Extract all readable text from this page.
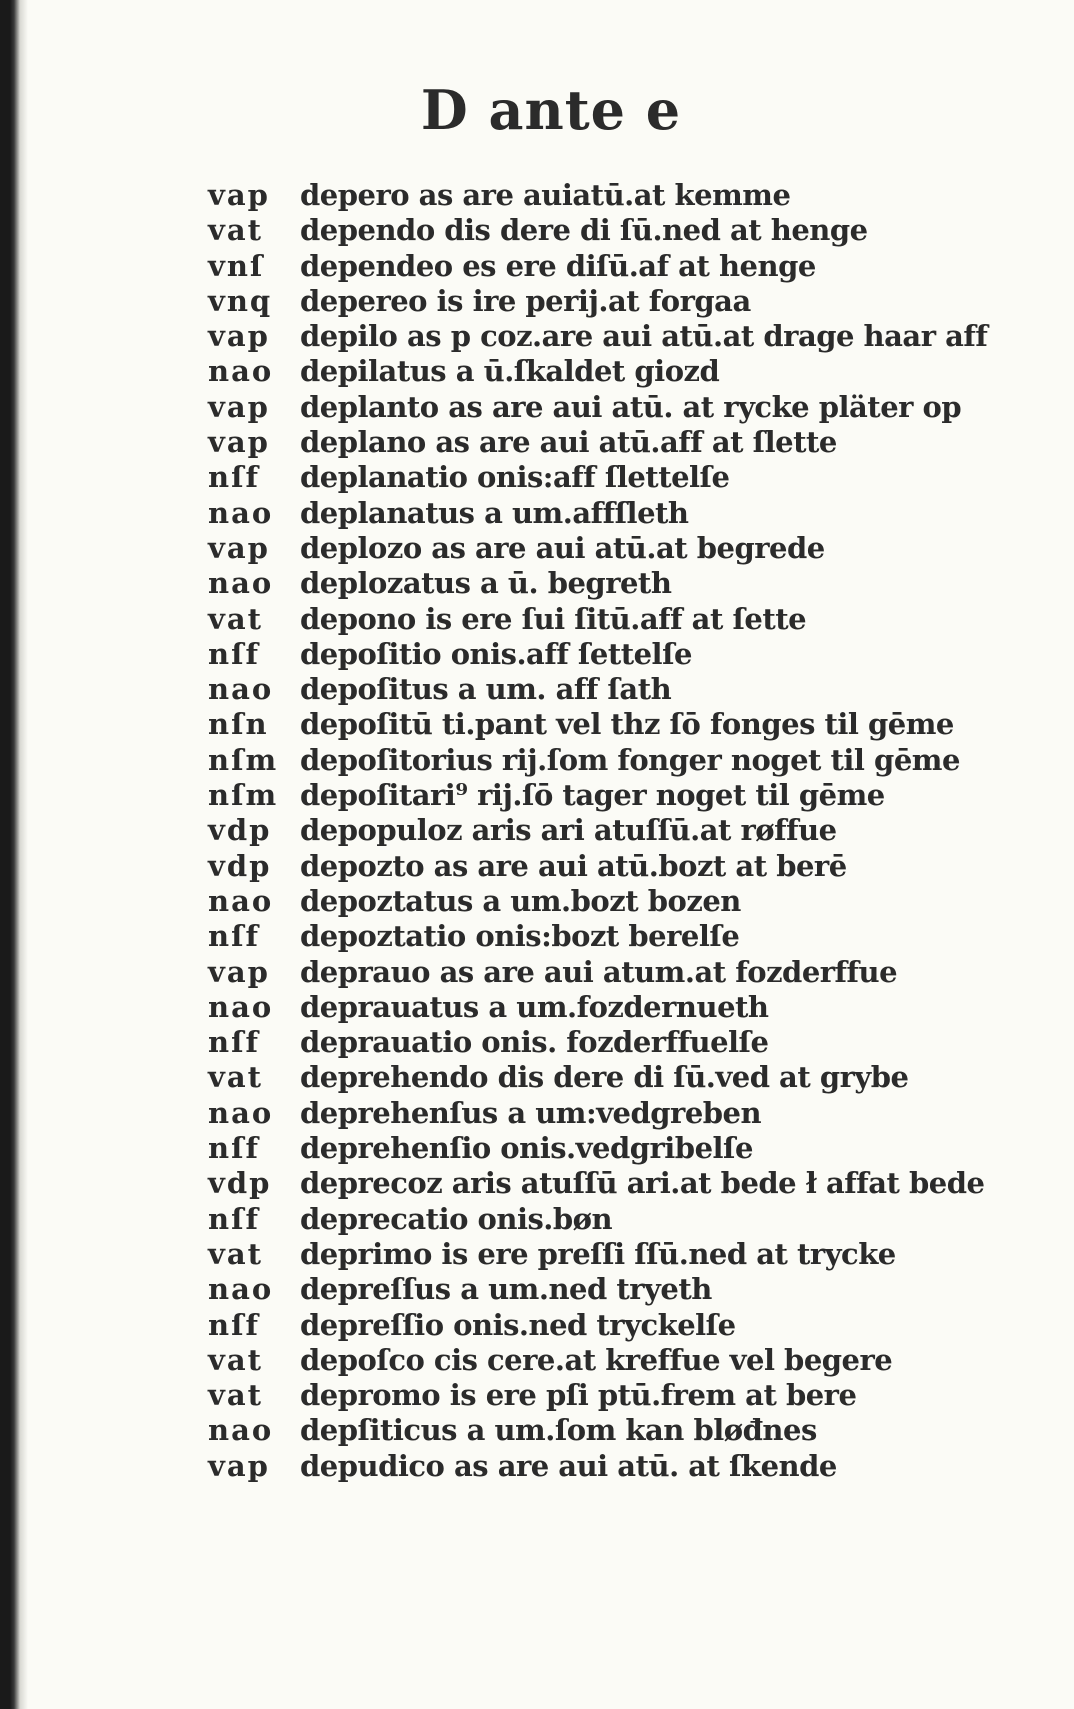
D ante e
vap depero as are auiatū.at kemme
vat dependo dis dere di ſū.ned at henge
vnſ dependeo es ere diſū.af at henge
vnq depereo is ire perij.at forgaa
vap depilo as p coz.are aui atū.at drage haar aff
nao depilatus a ū.ſkaldet giozd
vap deplanto as are aui atū. at rycke pläter op
vap deplano as are aui atū.aff at ſlette
nſf deplanatio onis:aff ſlettelſe
nao deplanatus a um.affſleth
vap deplozo as are aui atū.at begrede
nao deplozatus a ū. begreth
vat depono is ere ſui ſitū.aff at ſette
nſf depoſitio onis.aff ſettelſe
nao depoſitus a um. aff ſath
nſn depoſitū ti.pant vel thz ſō fonges til gēme
nſm depoſitorius rij.ſom fonger noget til gēme
nſm depoſitari⁹ rij.ſō tager noget til gēme
vdp depopuloz aris ari atuſſū.at røffue
vdp depozto as are aui atū.bozt at berē
nao depoztatus a um.bozt bozen
nſf depoztatio onis:bozt berelſe
vap deprauo as are aui atum.at fozderffue
nao deprauatus a um.fozdernueth
nſf deprauatio onis. fozderffuelſe
vat deprehendo dis dere di ſū.ved at grybe
nao deprehenſus a um:vedgreben
nſf deprehenſio onis.vedgribelſe
vdp deprecoz aris atuſſū ari.at bede ł affat bede
nſf deprecatio onis.bøn
vat deprimo is ere preſſi ſſū.ned at trycke
nao depreſſus a um.ned tryeth
nſf depreſſio onis.ned tryckelſe
vat depoſco cis cere.at kreffue vel begere
vat depromo is ere pſi ptū.frem at bere
nao depſiticus a um.ſom kan bløđnes
vap depudico as are aui atū. at ſkende
